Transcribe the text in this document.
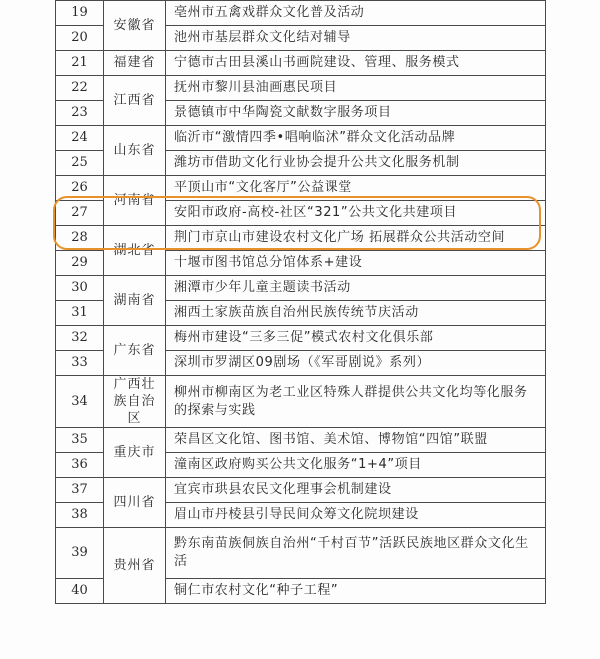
19	安徽省	亳州市五禽戏群众文化普及活动
20		池州市基层群众文化结对辅导
21	福建省	宁德市古田县溪山书画院建设、管理、服务模式
22	江西省	抚州市黎川县油画惠民项目
23		景德镇市中华陶瓷文献数字服务项目
24	山东省	临沂市“激情四季•唱响临沭”群众文化活动品牌
25		潍坊市借助文化行业协会提升公共文化服务机制
26	河南省	平顶山市“文化客厅”公益课堂
27		安阳市政府-高校-社区“321”公共文化共建项目
28	湖北省	荆门市京山市建设农村文化广场 拓展群众公共活动空间
29		十堰市图书馆总分馆体系+建设
30	湖南省	湘潭市少年儿童主题读书活动
31		湘西土家族苗族自治州民族传统节庆活动
32	广东省	梅州市建设“三多三促”模式农村文化俱乐部
33		深圳市罗湖区09剧场（《军哥剧说》系列）
34	广西壮族自治区	柳州市柳南区为老工业区特殊人群提供公共文化均等化服务的探索与实践
35	重庆市	荣昌区文化馆、图书馆、美术馆、博物馆“四馆”联盟
36		潼南区政府购买公共文化服务“1+4”项目
37	四川省	宜宾市珙县农民文化理事会机制建设
38		眉山市丹棱县引导民间众筹文化院坝建设
39	贵州省	黔东南苗族侗族自治州“千村百节”活跃民族地区群众文化生活
40		铜仁市农村文化“种子工程”
